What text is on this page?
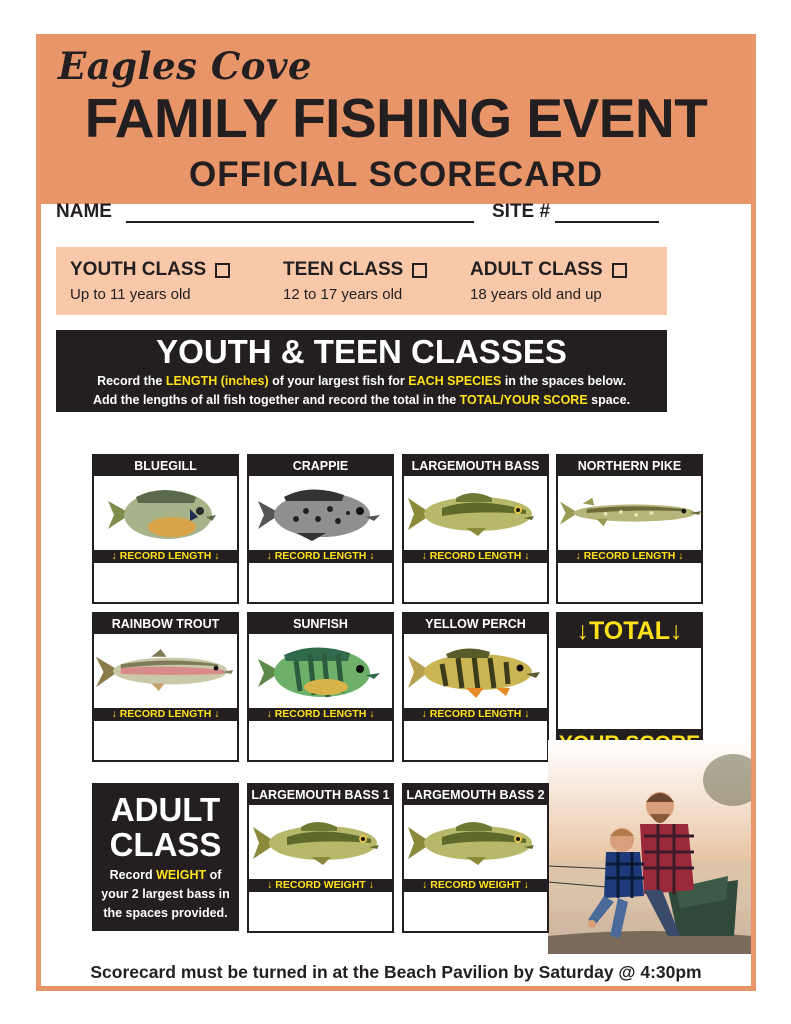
Eagles Cove
FAMILY FISHING EVENT
OFFICIAL SCORECARD
NAME	SITE #
YOUTH CLASS
Up to 11 years old
TEEN CLASS
12 to 17 years old
ADULT CLASS
18 years old and up
YOUTH & TEEN CLASSES
Record the LENGTH (inches) of your largest fish for EACH SPECIES in the spaces below.
Add the lengths of all fish together and record the total in the TOTAL/YOUR SCORE space.
BLUEGILL
↓ RECORD LENGTH ↓
CRAPPIE
↓ RECORD LENGTH ↓
LARGEMOUTH BASS
↓ RECORD LENGTH ↓
NORTHERN PIKE
↓ RECORD LENGTH ↓
RAINBOW TROUT
↓ RECORD LENGTH ↓
SUNFISH
↓ RECORD LENGTH ↓
YELLOW PERCH
↓ RECORD LENGTH ↓
↓TOTAL↓
ADULT
CLASS
Record WEIGHT of
your 2 largest bass in
the spaces provided.
LARGEMOUTH BASS 1
↓ RECORD WEIGHT ↓
LARGEMOUTH BASS 2
↓ RECORD WEIGHT ↓
Scorecard must be turned in at the Beach Pavilion by Saturday @ 4:30pm
